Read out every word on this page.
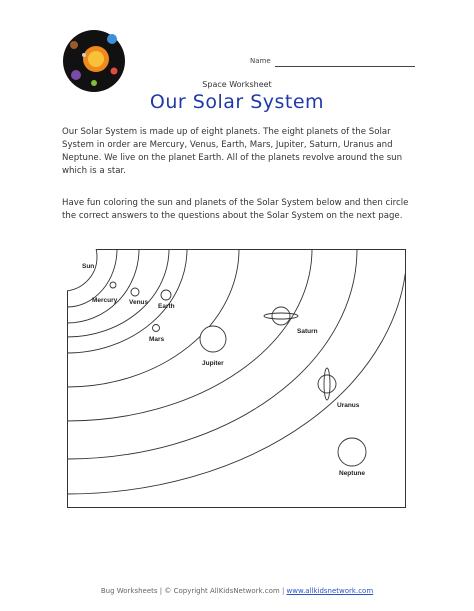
Name
Space Worksheet
Our Solar System

Our Solar System is made up of eight planets. The eight planets of the Solar System in order are Mercury, Venus, Earth, Mars, Jupiter, Saturn, Uranus and Neptune. We live on the planet Earth. All of the planets revolve around the sun which is a star.

Have fun coloring the sun and planets of the Solar System below and then circle the correct answers to the questions about the Solar System on the next page.

Sun
Mercury Venus
Earth
Mars
Jupiter
Saturn
Uranus
Neptune
Bug Worksheets | © Copyright AllKidsNetwork.com | www.allkidsnetwork.com
